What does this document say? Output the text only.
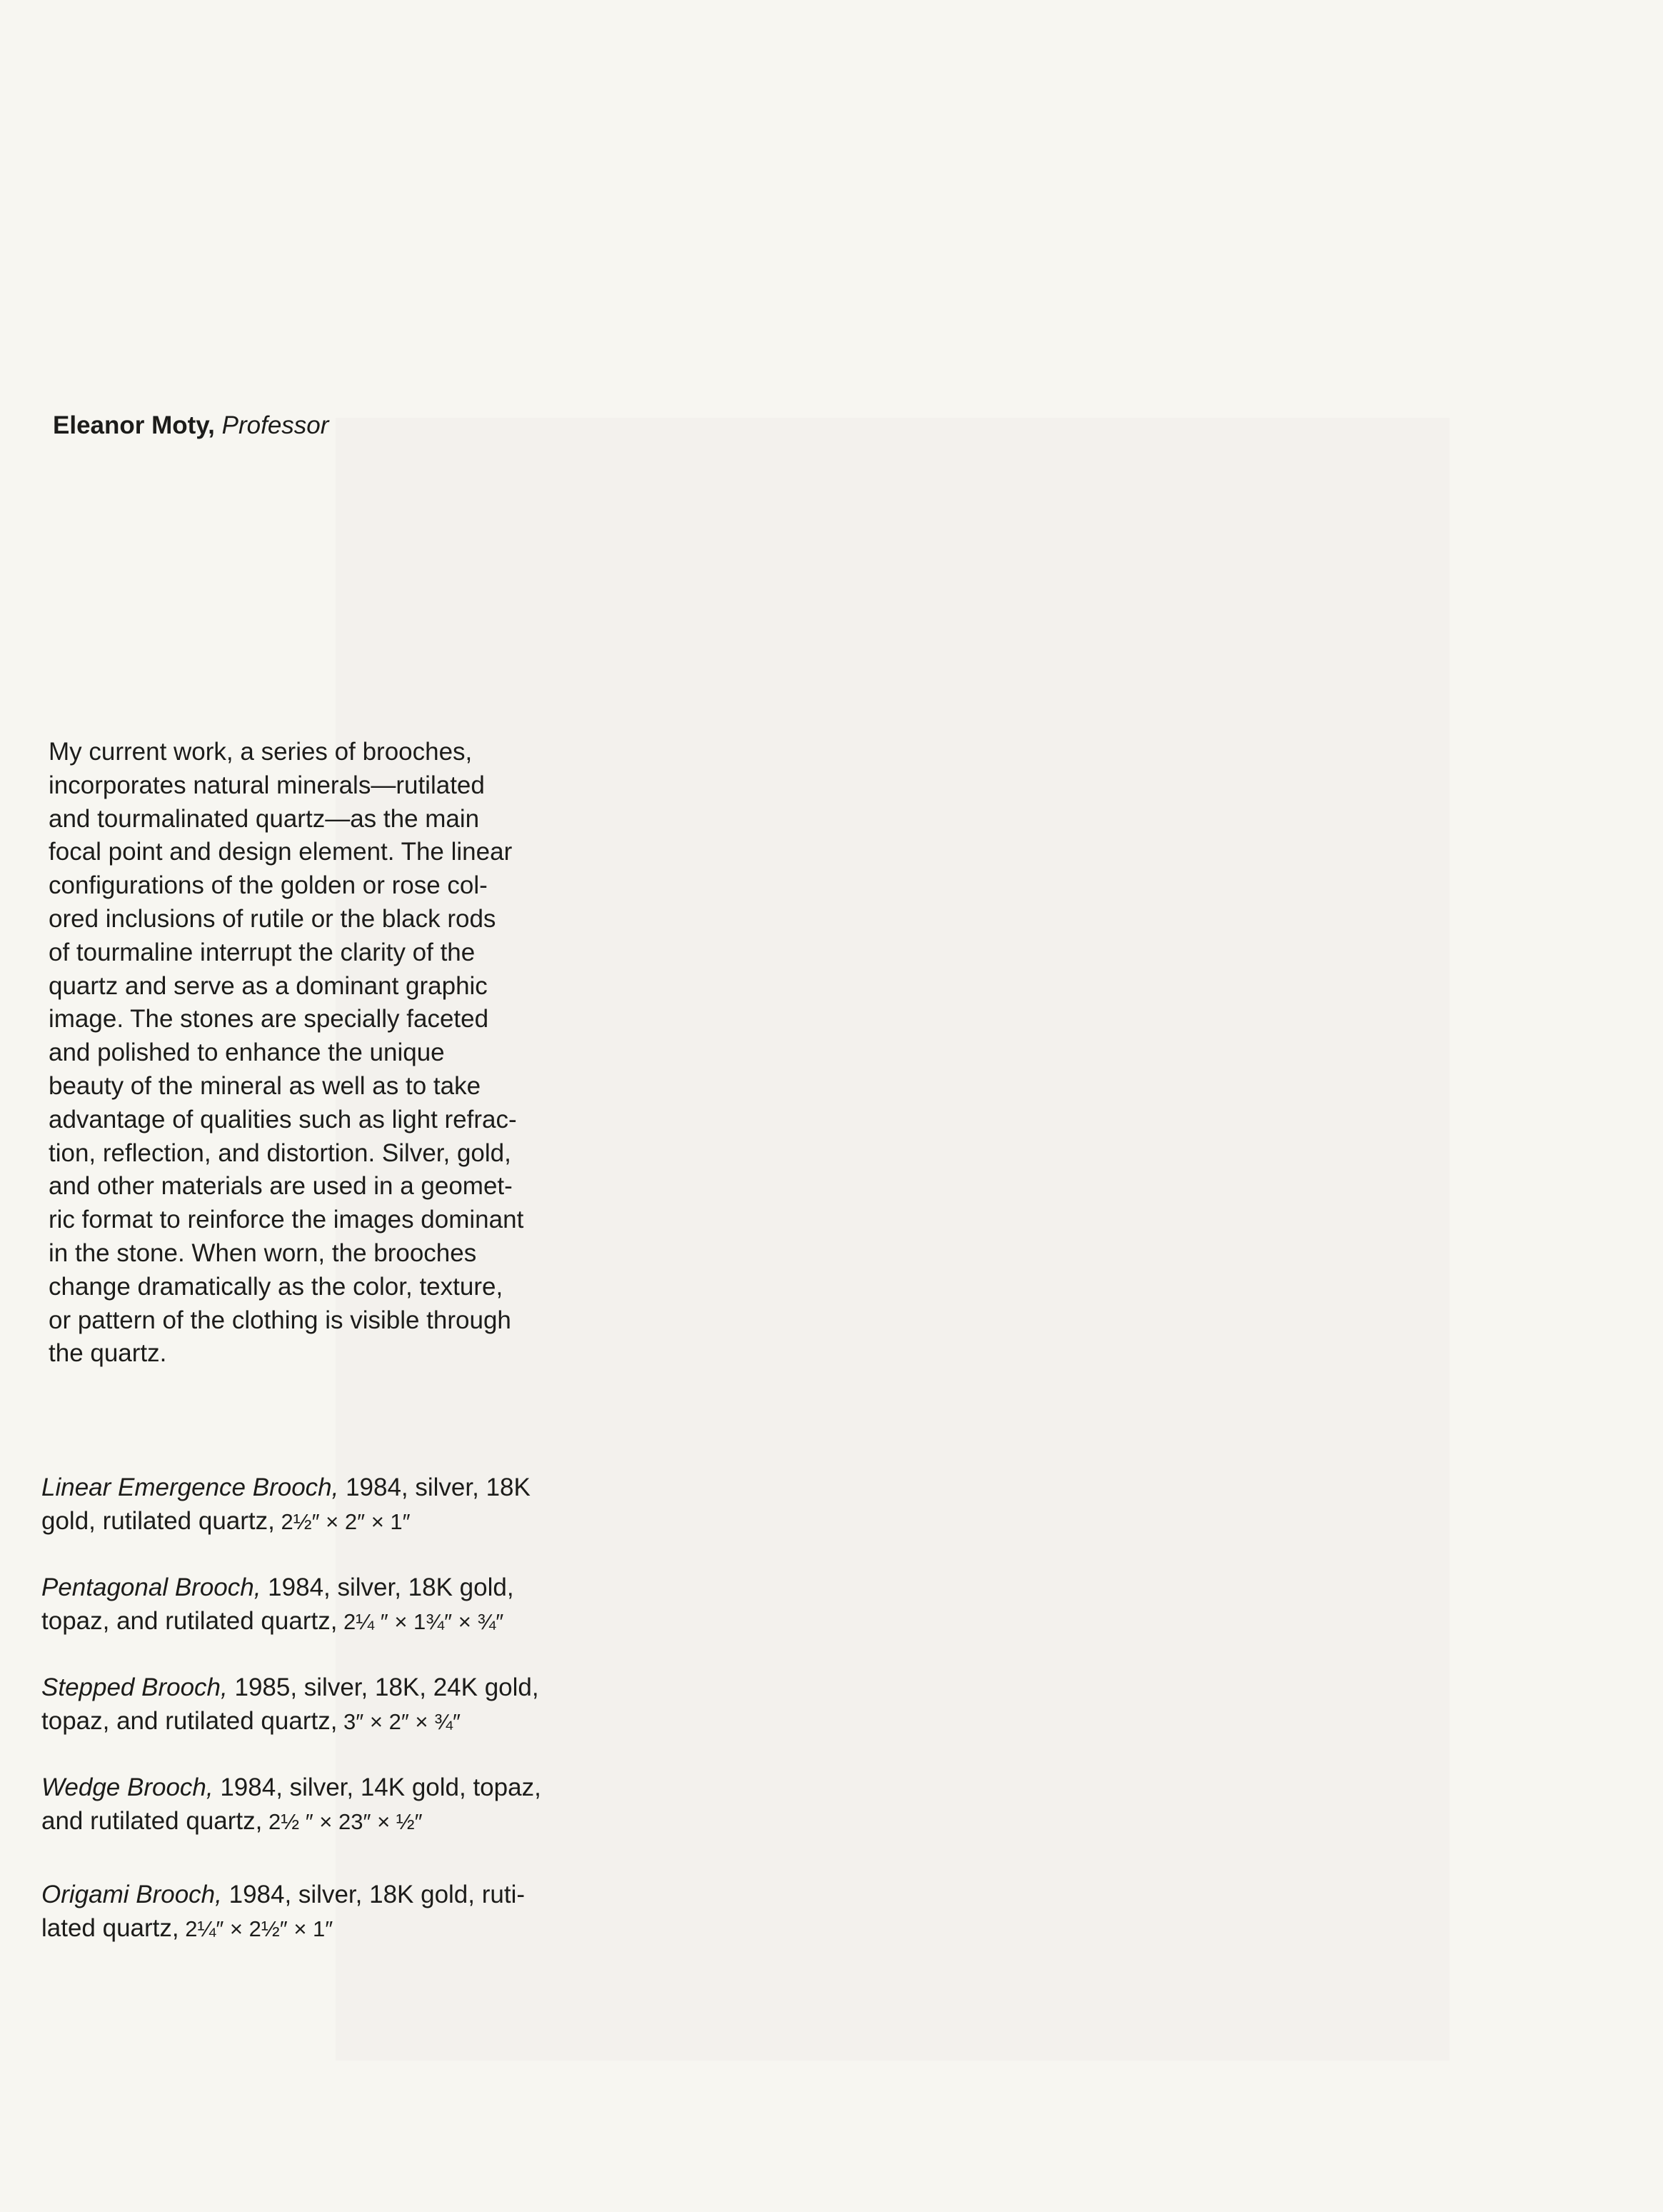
Eleanor Moty, Professor
My current work, a series of brooches,
incorporates natural minerals—rutilated
and tourmalinated quartz—as the main
focal point and design element. The linear
configurations of the golden or rose col-
ored inclusions of rutile or the black rods
of tourmaline interrupt the clarity of the
quartz and serve as a dominant graphic
image. The stones are specially faceted
and polished to enhance the unique
beauty of the mineral as well as to take
advantage of qualities such as light refrac-
tion, reflection, and distortion. Silver, gold,
and other materials are used in a geomet-
ric format to reinforce the images dominant
in the stone. When worn, the brooches
change dramatically as the color, texture,
or pattern of the clothing is visible through
the quartz.
Linear Emergence Brooch, 1984, silver, 18K
gold, rutilated quartz, 2½″ × 2″ × 1″
Pentagonal Brooch, 1984, silver, 18K gold,
topaz, and rutilated quartz, 2¼ ″ × 1¾″ × ¾″
Stepped Brooch, 1985, silver, 18K, 24K gold,
topaz, and rutilated quartz, 3″ × 2″ × ¾″
Wedge Brooch, 1984, silver, 14K gold, topaz,
and rutilated quartz, 2½ ″ × 23″ × ½″
Origami Brooch, 1984, silver, 18K gold, ruti-
lated quartz, 2¼″ × 2½″ × 1″
